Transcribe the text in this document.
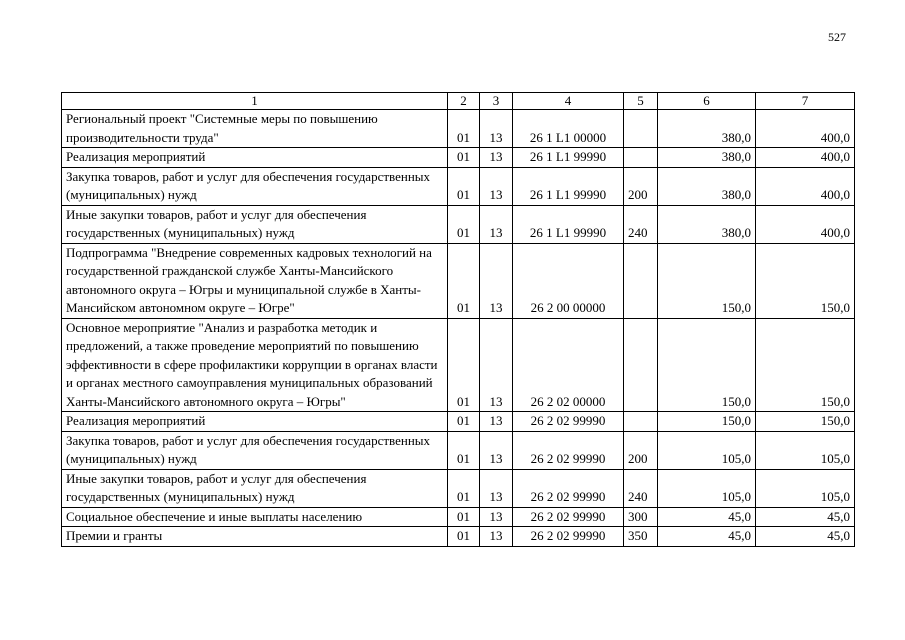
527
1	2	3	4	5	6	7
Региональный проект "Системные меры по повышению производительности труда"	01	13	26 1 L1 00000		380,0	400,0
Реализация мероприятий	01	13	26 1 L1 99990		380,0	400,0
Закупка товаров, работ и услуг для обеспечения государственных (муниципальных) нужд	01	13	26 1 L1 99990	200	380,0	400,0
Иные закупки товаров, работ и услуг для обеспечения государственных (муниципальных) нужд	01	13	26 1 L1 99990	240	380,0	400,0
Подпрограмма "Внедрение современных кадровых технологий на государственной гражданской службе Ханты-Мансийского автономного округа – Югры и муниципальной службе в Ханты-Мансийском автономном округе – Югре"	01	13	26 2 00 00000		150,0	150,0
Основное мероприятие "Анализ и разработка методик и предложений, а также проведение мероприятий по повышению эффективности в сфере профилактики коррупции в органах власти и органах местного самоуправления муниципальных образований Ханты-Мансийского автономного округа – Югры"	01	13	26 2 02 00000		150,0	150,0
Реализация мероприятий	01	13	26 2 02 99990		150,0	150,0
Закупка товаров, работ и услуг для обеспечения государственных (муниципальных) нужд	01	13	26 2 02 99990	200	105,0	105,0
Иные закупки товаров, работ и услуг для обеспечения государственных (муниципальных) нужд	01	13	26 2 02 99990	240	105,0	105,0
Социальное обеспечение и иные выплаты населению	01	13	26 2 02 99990	300	45,0	45,0
Премии и гранты	01	13	26 2 02 99990	350	45,0	45,0
